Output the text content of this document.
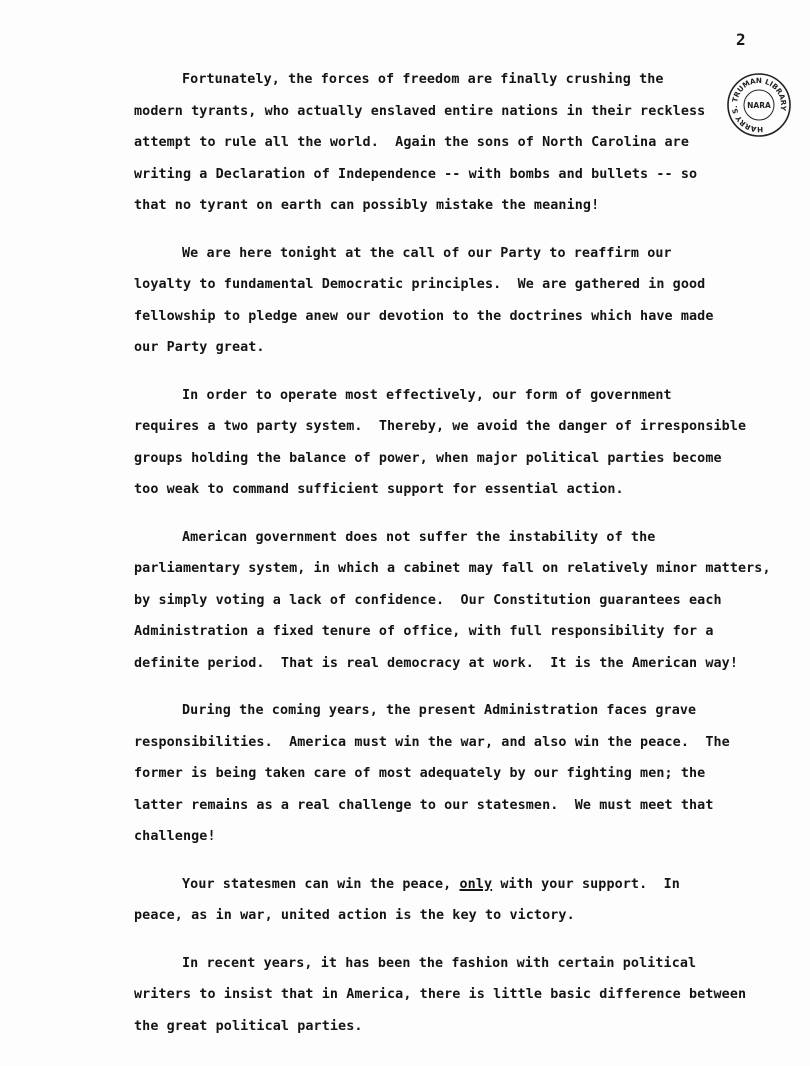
2
HARRY S. TRUMAN LIBRARY
NARA
Fortunately, the forces of freedom are finally crushing the
modern tyrants, who actually enslaved entire nations in their reckless
attempt to rule all the world.  Again the sons of North Carolina are
writing a Declaration of Independence -- with bombs and bullets -- so
that no tyrant on earth can possibly mistake the meaning!
We are here tonight at the call of our Party to reaffirm our
loyalty to fundamental Democratic principles.  We are gathered in good
fellowship to pledge anew our devotion to the doctrines which have made
our Party great.
In order to operate most effectively, our form of government
requires a two party system.  Thereby, we avoid the danger of irresponsible
groups holding the balance of power, when major political parties become
too weak to command sufficient support for essential action.
American government does not suffer the instability of the
parliamentary system, in which a cabinet may fall on relatively minor matters,
by simply voting a lack of confidence.  Our Constitution guarantees each
Administration a fixed tenure of office, with full responsibility for a
definite period.  That is real democracy at work.  It is the American way!
During the coming years, the present Administration faces grave
responsibilities.  America must win the war, and also win the peace.  The
former is being taken care of most adequately by our fighting men; the
latter remains as a real challenge to our statesmen.  We must meet that
challenge!
Your statesmen can win the peace, only with your support.  In
peace, as in war, united action is the key to victory.
In recent years, it has been the fashion with certain political
writers to insist that in America, there is little basic difference between
the great political parties.
